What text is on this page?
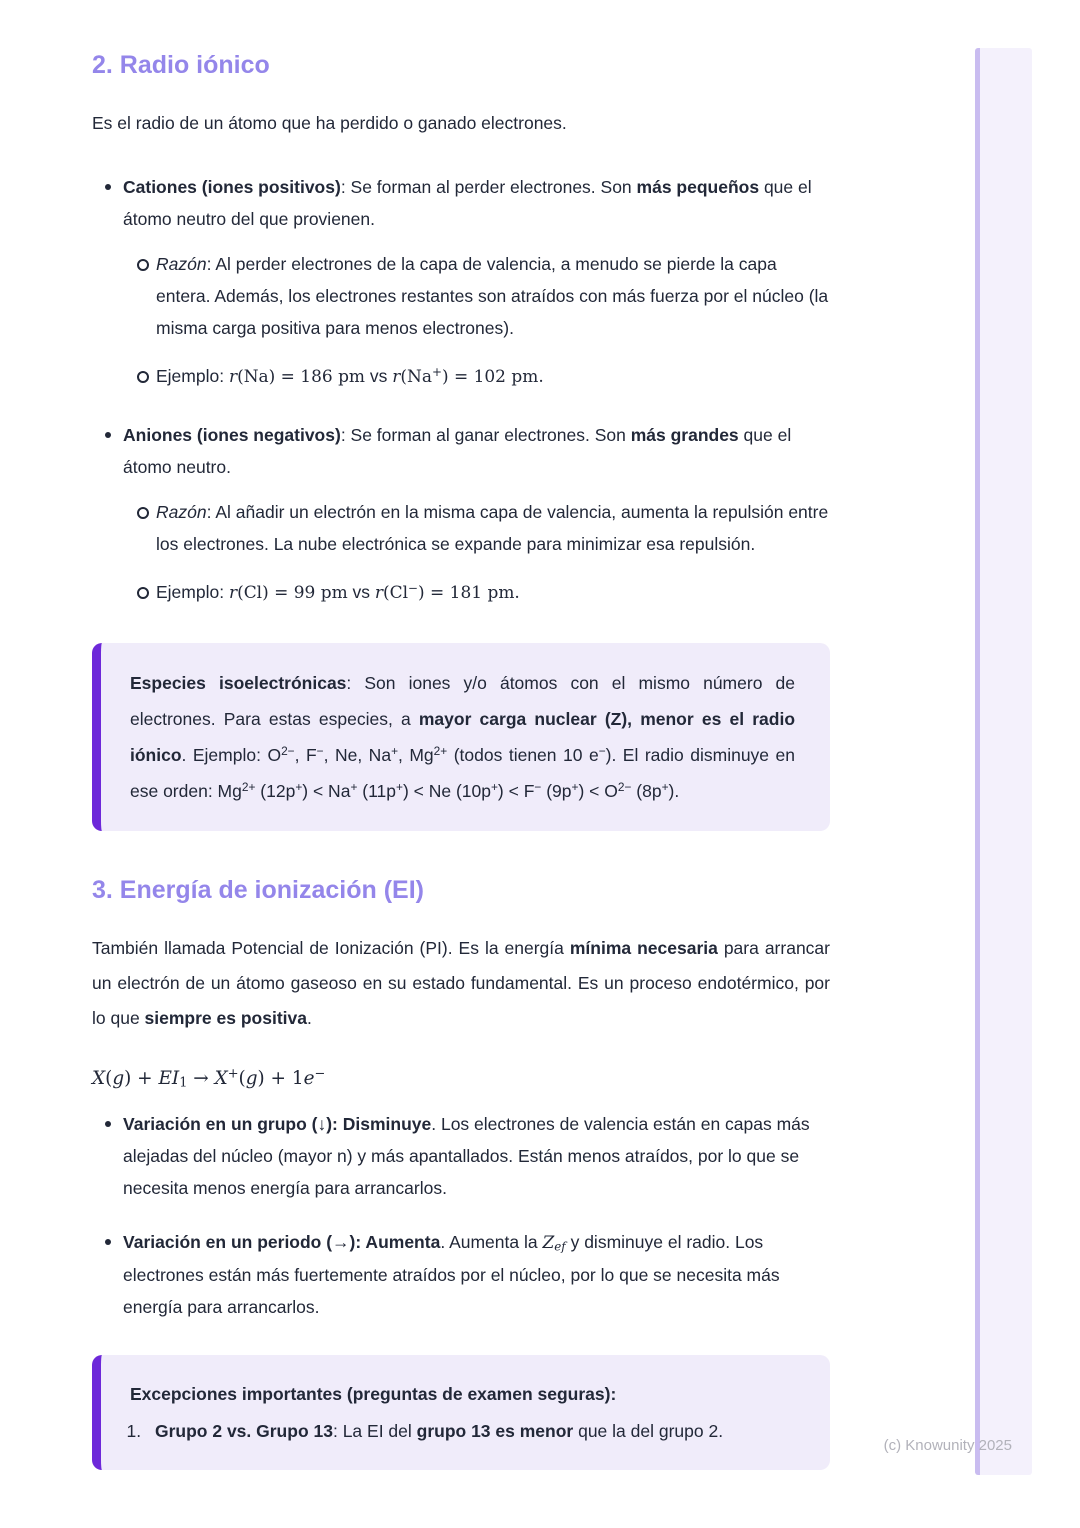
(c) Knowunity 2025
2. Radio iónico

Es el radio de un átomo que ha perdido o ganado electrones.

Cationes (iones positivos): Se forman al perder electrones. Son más pequeños que el átomo neutro del que provienen.
Razón: Al perder electrones de la capa de valencia, a menudo se pierde la capa entera. Además, los electrones restantes son atraídos con más fuerza por el núcleo (la misma carga positiva para menos electrones).
Ejemplo: r(Na) = 186 pm vs r(Na+) = 102 pm.
Aniones (iones negativos): Se forman al ganar electrones. Son más grandes que el átomo neutro.
Razón: Al añadir un electrón en la misma capa de valencia, aumenta la repulsión entre los electrones. La nube electrónica se expande para minimizar esa repulsión.
Ejemplo: r(Cl) = 99 pm vs r(Cl−) = 181 pm.
Especies isoelectrónicas: Son iones y/o átomos con el mismo número de electrones. Para estas especies, a mayor carga nuclear (Z), menor es el radio iónico. Ejemplo: $O^{2-}$, F−, Ne, Na+, $Mg^{2+}$ (todos tienen 10 e−). El radio disminuye en ese orden: $Mg^{2+}$ (12p+) < Na+ (11p+) < Ne (10p+) < F− $(9p^+) < O^{2-}$ (8p+).
3. Energía de ionización (EI)

También llamada Potencial de Ionización (PI). Es la energía mínima necesaria para arrancar un electrón de un átomo gaseoso en su estado fundamental. Es un proceso endotérmico, por lo que siempre es positiva.

$X(g) + EI_1 \to X^+(g) + 1e^-$
Variación en un grupo (↓): Disminuye. Los electrones de valencia están en capas más alejadas del núcleo (mayor n) y más apantallados. Están menos atraídos, por lo que se necesita menos energía para arrancarlos.
Variación en un periodo (→): Aumenta. Aumenta la Zef y disminuye el radio. Los electrones están más fuertemente atraídos por el núcleo, por lo que se necesita más energía para arrancarlos.
Excepciones importantes (preguntas de examen seguras):
1. Grupo 2 vs. Grupo 13: La EI del grupo 13 es menor que la del grupo 2.
